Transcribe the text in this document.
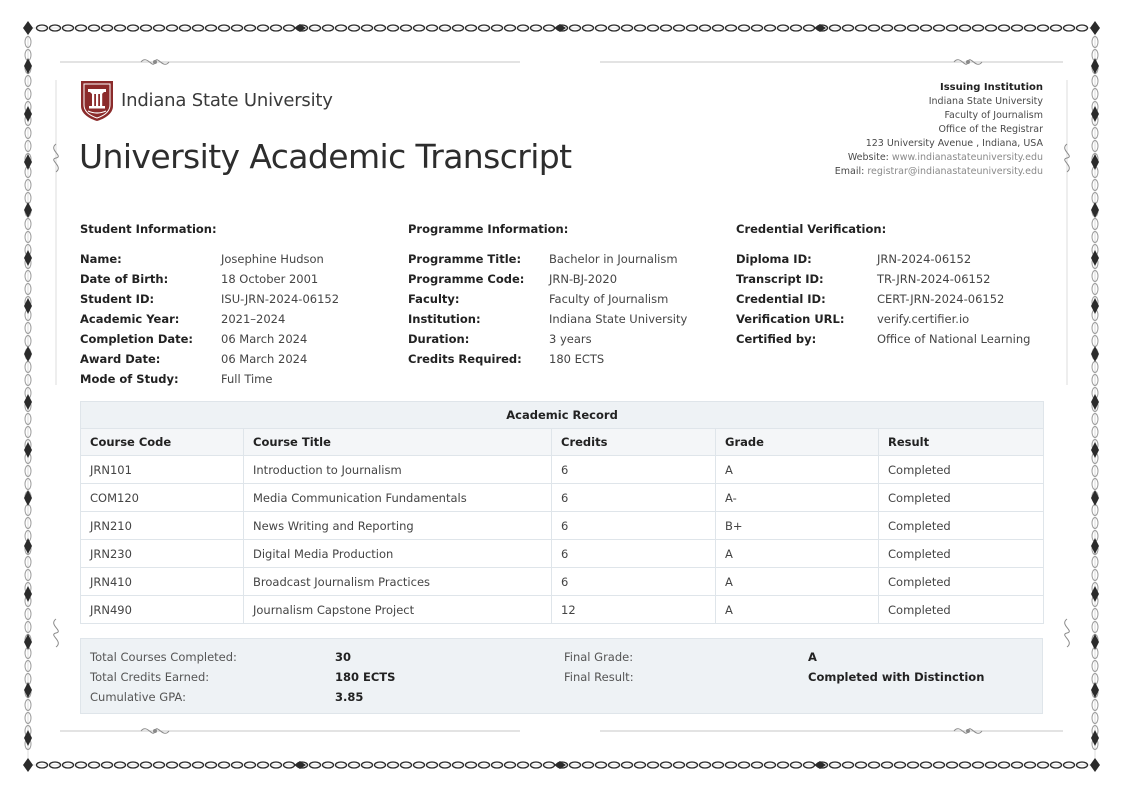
Indiana State University
University Academic Transcript
Issuing Institution
Indiana State University
Faculty of Journalism
Office of the Registrar
123 University Avenue , Indiana, USA
Website: www.indianastateuniversity.edu
Email: registrar@indianastateuniversity.edu
Student Information:
Name:	Josephine Hudson
Date of Birth:	18 October 2001
Student ID:	ISU-JRN-2024-06152
Academic Year:	2021–2024
Completion Date:	06 March 2024
Award Date:	06 March 2024
Mode of Study:	Full Time
Programme Information:
Programme Title:	Bachelor in Journalism
Programme Code:	JRN-BJ-2020
Faculty:	Faculty of Journalism
Institution:	Indiana State University
Duration:	3 years
Credits Required:	180 ECTS
Credential Verification:
Diploma ID:	JRN-2024-06152
Transcript ID:	TR-JRN-2024-06152
Credential ID:	CERT-JRN-2024-06152
Verification URL:	verify.certifier.io
Certified by:	Office of National Learning
Academic Record				
Course Code	Course Title	Credits	Grade	Result
JRN101	Introduction to Journalism	6	A	Completed
COM120	Media Communication Fundamentals	6	A-	Completed
JRN210	News Writing and Reporting	6	B+	Completed
JRN230	Digital Media Production	6	A	Completed
JRN410	Broadcast Journalism Practices	6	A	Completed
JRN490	Journalism Capstone Project	12	A	Completed
Total Courses Completed:	30
Total Credits Earned:	180 ECTS
Cumulative GPA:	3.85
Final Grade:	A
Final Result:	Completed with Distinction
